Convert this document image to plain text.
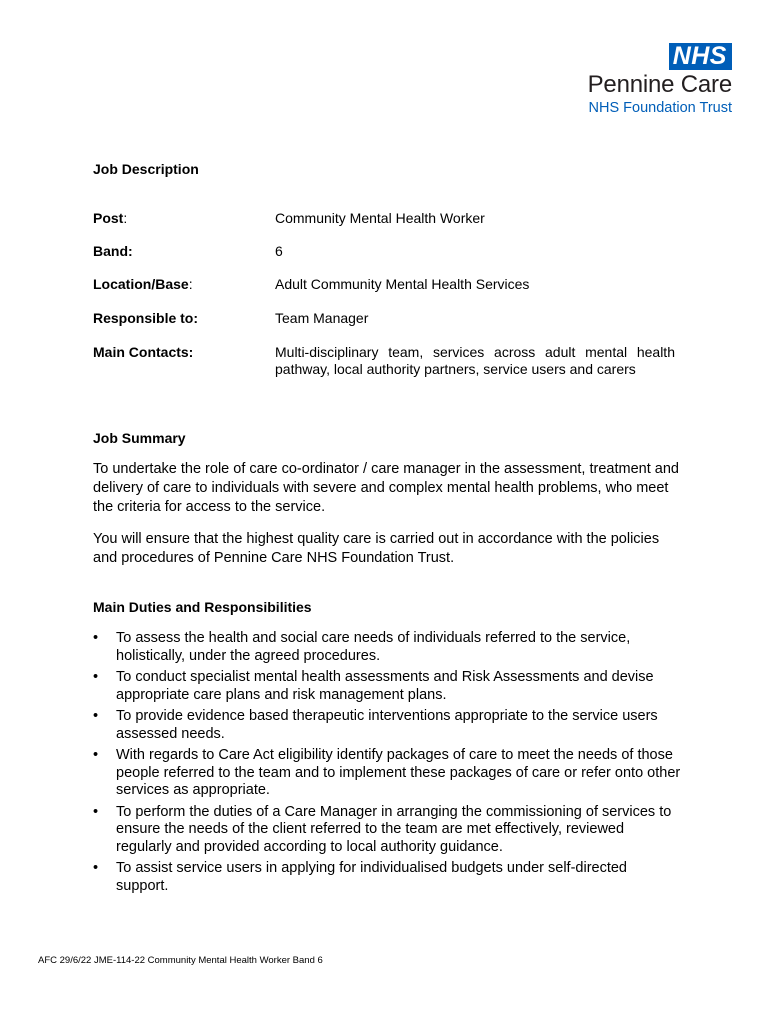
NHS
Pennine Care
NHS Foundation Trust
Job Description
Post:	Community Mental Health Worker
Band:	6
Location/Base:	Adult Community Mental Health Services
Responsible to:	Team Manager
Main Contacts:	Multi-disciplinary team, services across adult mental health pathway, local authority partners, service users and carers
Job Summary
To undertake the role of care co-ordinator / care manager in the assessment, treatment and delivery of care to individuals with severe and complex mental health problems, who meet the criteria for access to the service.
You will ensure that the highest quality care is carried out in accordance with the policies and procedures of Pennine Care NHS Foundation Trust.
Main Duties and Responsibilities
• To assess the health and social care needs of individuals referred to the service, holistically, under the agreed procedures.
• To conduct specialist mental health assessments and Risk Assessments and devise appropriate care plans and risk management plans.
• To provide evidence based therapeutic interventions appropriate to the service users assessed needs.
• With regards to Care Act eligibility identify packages of care to meet the needs of those people referred to the team and to implement these packages of care or refer onto other services as appropriate.
• To perform the duties of a Care Manager in arranging the commissioning of services to ensure the needs of the client referred to the team are met effectively, reviewed regularly and provided according to local authority guidance.
• To assist service users in applying for individualised budgets under self-directed support.
AFC 29/6/22 JME-114-22 Community Mental Health Worker Band 6
